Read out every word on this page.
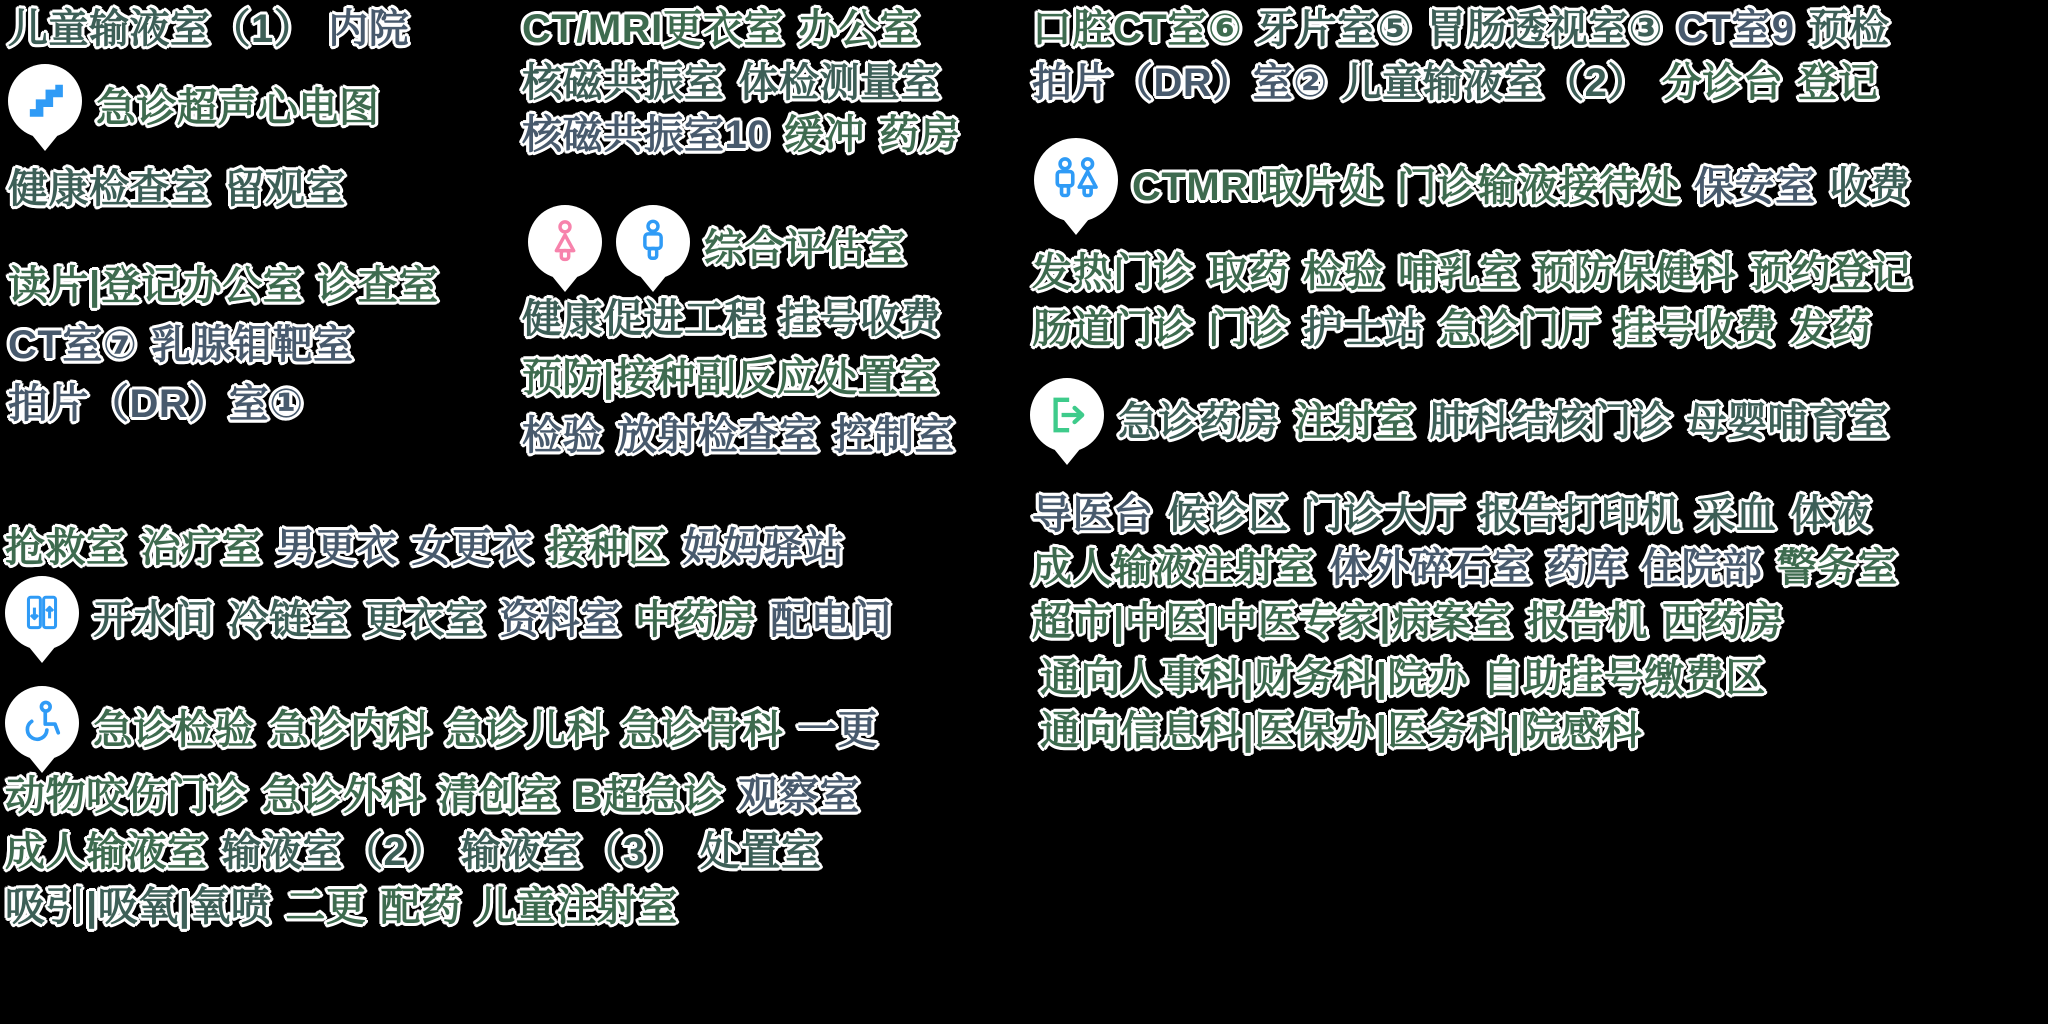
儿童输液室（1） 内院
急诊超声心电图
健康检查室 留观室
读片|登记办公室 诊查室
CT室⑦ 乳腺钼靶室
拍片（DR）室①
CT/MRI更衣室 办公室
核磁共振室 体检测量室
核磁共振室10 缓冲 药房
综合评估室
健康促进工程 挂号收费
预防|接种副反应处置室
检验 放射检查室 控制室
口腔CT室⑥ 牙片室⑤ 胃肠透视室③ CT室9 预检
拍片（DR）室② 儿童输液室（2） 分诊台 登记
CTMRI取片处 门诊输液接待处 保安室 收费
发热门诊 取药 检验 哺乳室 预防保健科 预约登记
肠道门诊 门诊 护士站 急诊门厅 挂号收费 发药
急诊药房 注射室 肺科结核门诊 母婴哺育室
导医台 候诊区 门诊大厅 报告打印机 采血 体液
成人输液注射室 体外碎石室 药库 住院部 警务室
超市|中医|中医专家|病案室 报告机 西药房
通向人事科|财务科|院办 自助挂号缴费区
通向信息科|医保办|医务科|院感科
抢救室 治疗室 男更衣 女更衣 接种区 妈妈驿站
开水间 冷链室 更衣室 资料室 中药房 配电间
急诊检验 急诊内科 急诊儿科 急诊骨科 一更
动物咬伤门诊 急诊外科 清创室 B超急诊 观察室
成人输液室 输液室（2） 输液室（3） 处置室
吸引|吸氧|氧喷 二更 配药 儿童注射室
